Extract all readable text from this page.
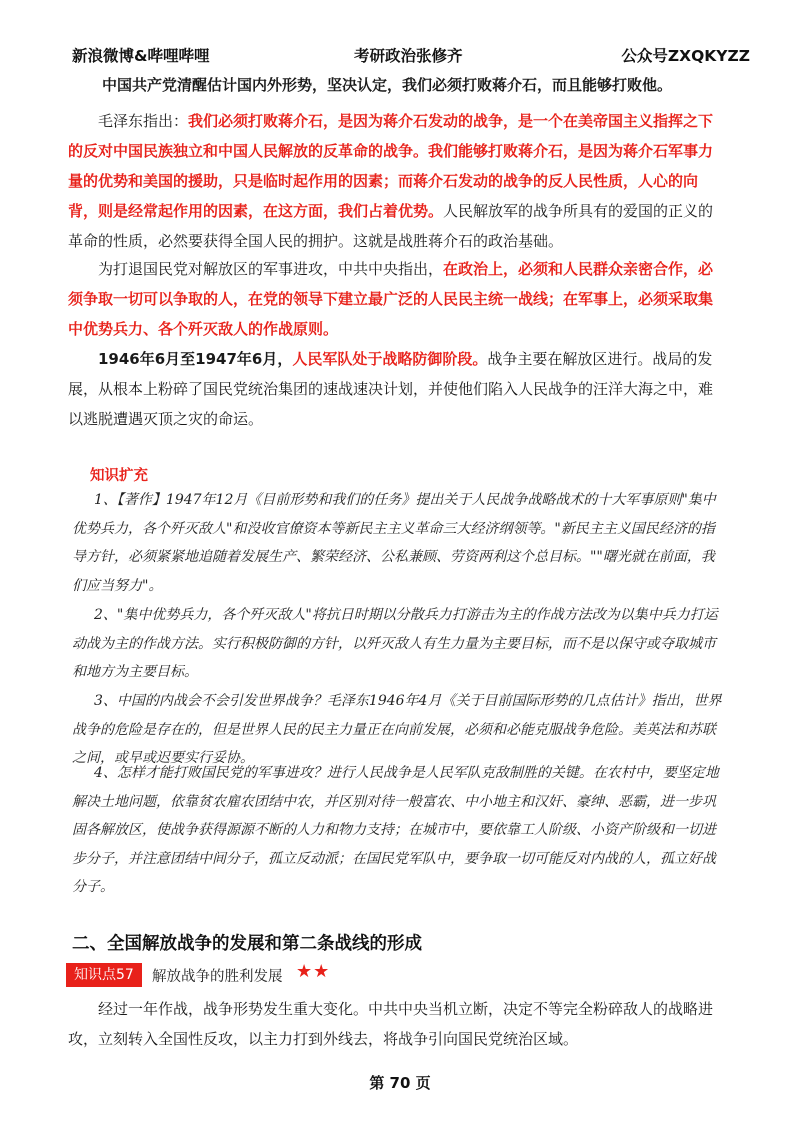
新浪微博&哔哩哔哩	考研政治张修齐	公众号ZXQKYZZ

中国共产党清醒估计国内外形势，坚决认定，我们必须打败蒋介石，而且能够打败他。

毛泽东指出：我们必须打败蒋介石，是因为蒋介石发动的战争，是一个在美帝国主义指挥之下的反对中国民族独立和中国人民解放的反革命的战争。我们能够打败蒋介石，是因为蒋介石军事力量的优势和美国的援助，只是临时起作用的因素；而蒋介石发动的战争的反人民性质，人心的向背，则是经常起作用的因素，在这方面，我们占着优势。人民解放军的战争所具有的爱国的正义的革命的性质，必然要获得全国人民的拥护。这就是战胜蒋介石的政治基础。

为打退国民党对解放区的军事进攻，中共中央指出，在政治上，必须和人民群众亲密合作，必须争取一切可以争取的人，在党的领导下建立最广泛的人民民主统一战线；在军事上，必须采取集中优势兵力、各个歼灭敌人的作战原则。

1946年6月至1947年6月，人民军队处于战略防御阶段。战争主要在解放区进行。战局的发展，从根本上粉碎了国民党统治集团的速战速决计划，并使他们陷入人民战争的汪洋大海之中，难以逃脱遭遇灭顶之灾的命运。

知识扩充

1、【著作】1947年12月《目前形势和我们的任务》提出关于人民战争战略战术的十大军事原则"集中优势兵力，各个歼灭敌人"和没收官僚资本等新民主主义革命三大经济纲领等。"新民主主义国民经济的指导方针，必须紧紧地追随着发展生产、繁荣经济、公私兼顾、劳资两利这个总目标。""曙光就在前面，我们应当努力"。

2、"集中优势兵力，各个歼灭敌人"将抗日时期以分散兵力打游击为主的作战方法改为以集中兵力打运动战为主的作战方法。实行积极防御的方针，以歼灭敌人有生力量为主要目标，而不是以保守或夺取城市和地方为主要目标。

3、中国的内战会不会引发世界战争？毛泽东1946年4月《关于目前国际形势的几点估计》指出，世界战争的危险是存在的，但是世界人民的民主力量正在向前发展，必须和必能克服战争危险。美英法和苏联之间，或早或迟要实行妥协。

4、怎样才能打败国民党的军事进攻？进行人民战争是人民军队克敌制胜的关键。在农村中，要坚定地解决土地问题，依靠贫农雇农团结中农，并区别对待一般富农、中小地主和汉奸、豪绅、恶霸，进一步巩固各解放区，使战争获得源源不断的人力和物力支持；在城市中，要依靠工人阶级、小资产阶级和一切进步分子，并注意团结中间分子，孤立反动派；在国民党军队中，要争取一切可能反对内战的人，孤立好战分子。

二、全国解放战争的发展和第二条战线的形成
知识点57	解放战争的胜利发展 ★★

经过一年作战，战争形势发生重大变化。中共中央当机立断，决定不等完全粉碎敌人的战略进攻，立刻转入全国性反攻，以主力打到外线去，将战争引向国民党统治区域。

第 70 页
